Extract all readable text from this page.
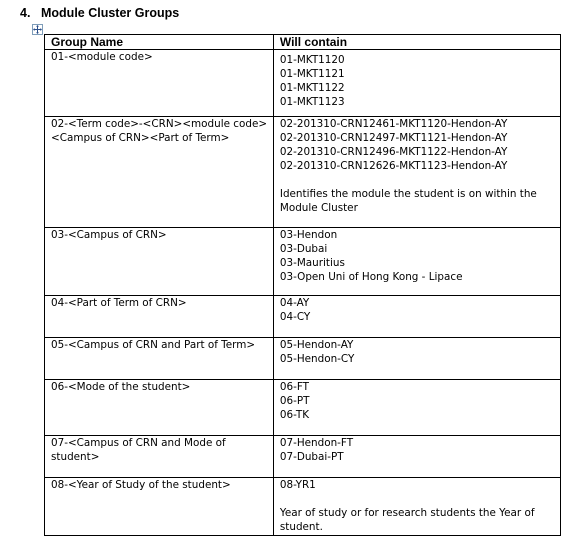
4. Module Cluster Groups
Group Name	Will contain
01-<module code>	01-MKT1120
01-MKT1121
01-MKT1122
01-MKT1123

02-<Term code>-<CRN><module code><Campus of CRN><Part of Term>	02-201310-CRN12461-MKT1120-Hendon-AY
02-201310-CRN12497-MKT1121-Hendon-AY
02-201310-CRN12496-MKT1122-Hendon-AY
02-201310-CRN12626-MKT1123-Hendon-AY
Identifies the module the student is on within the Module Cluster

03-<Campus of CRN>	03-Hendon
03-Dubai
03-Mauritius
03-Open Uni of Hong Kong - Lipace

04-<Part of Term of CRN>	04-AY
04-CY

05-<Campus of CRN and Part of Term>	05-Hendon-AY
05-Hendon-CY

06-<Mode of the student>	06-FT
06-PT
06-TK

07-<Campus of CRN and Mode of student>	07-Hendon-FT
07-Dubai-PT

08-<Year of Study of the student>	08-YR1
Year of study or for research students the Year of student.
